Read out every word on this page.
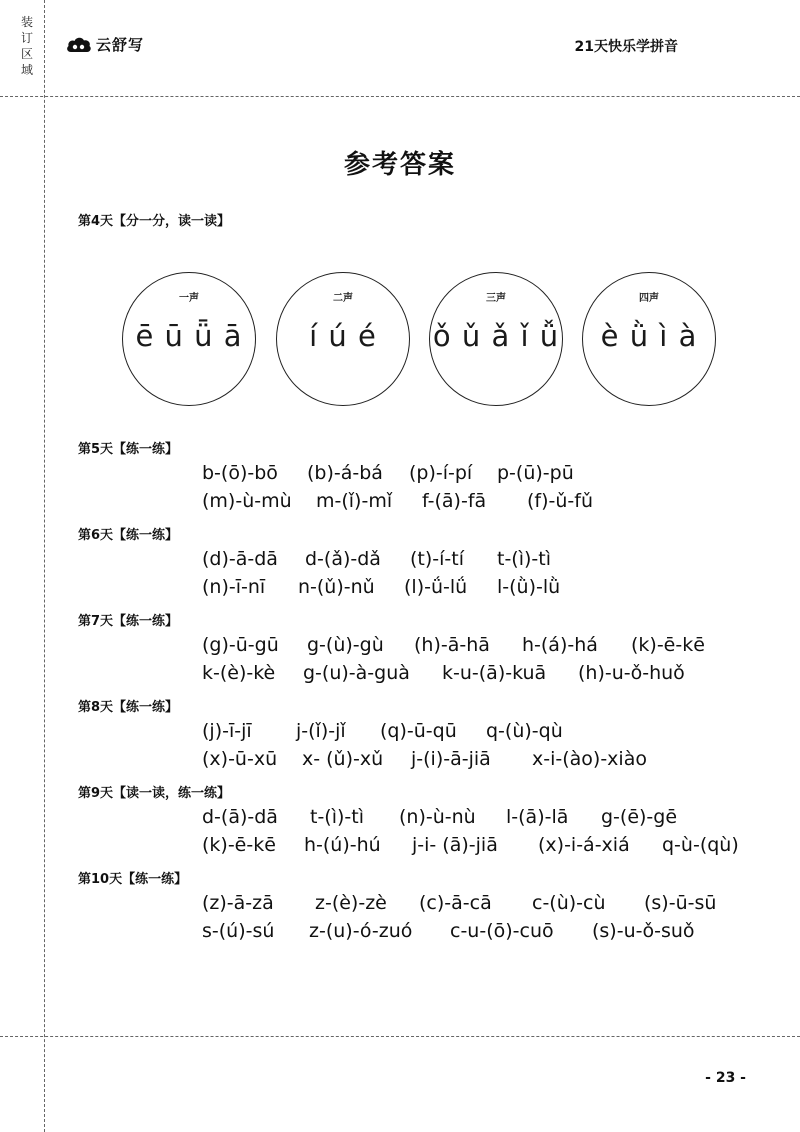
装订区域
云舒写	21天快乐学拼音
参考答案
第4天【分一分，读一读】
一声
ē ū ǖ ā
二声
í ú é
三声
ǒ ǔ ǎ ǐ ǚ
四声
è ǜ ì à
第5天【练一练】
b-(ō)-bō (b)-á-bá (p)-í-pí p-(ū)-pū
(m)-ù-mù m-(ǐ)-mǐ f-(ā)-fā (f)-ǔ-fǔ
第6天【练一练】
(d)-ā-dā d-(ǎ)-dǎ (t)-í-tí t-(ì)-tì
(n)-ī-nī n-(ǔ)-nǔ (l)-ǘ-lǘ l-(ǜ)-lǜ
第7天【练一练】
(g)-ū-gū g-(ù)-gù (h)-ā-hā h-(á)-há (k)-ē-kē
k-(è)-kè g-(u)-à-guà k-u-(ā)-kuā (h)-u-ǒ-huǒ
第8天【练一练】
(j)-ī-jī j-(ǐ)-jǐ (q)-ū-qū q-(ù)-qù
(x)-ū-xū x- (ǔ)-xǔ j-(i)-ā-jiā x-i-(ào)-xiào
第9天【读一读，练一练】
d-(ā)-dā t-(ì)-tì (n)-ù-nù l-(ā)-lā g-(ē)-gē
(k)-ē-kē h-(ú)-hú j-i- (ā)-jiā (x)-i-á-xiá q-ù-(qù)
第10天【练一练】
(z)-ā-zā z-(è)-zè (c)-ā-cā c-(ù)-cù (s)-ū-sū
s-(ú)-sú z-(u)-ó-zuó c-u-(ō)-cuō (s)-u-ǒ-suǒ
- 23 -
